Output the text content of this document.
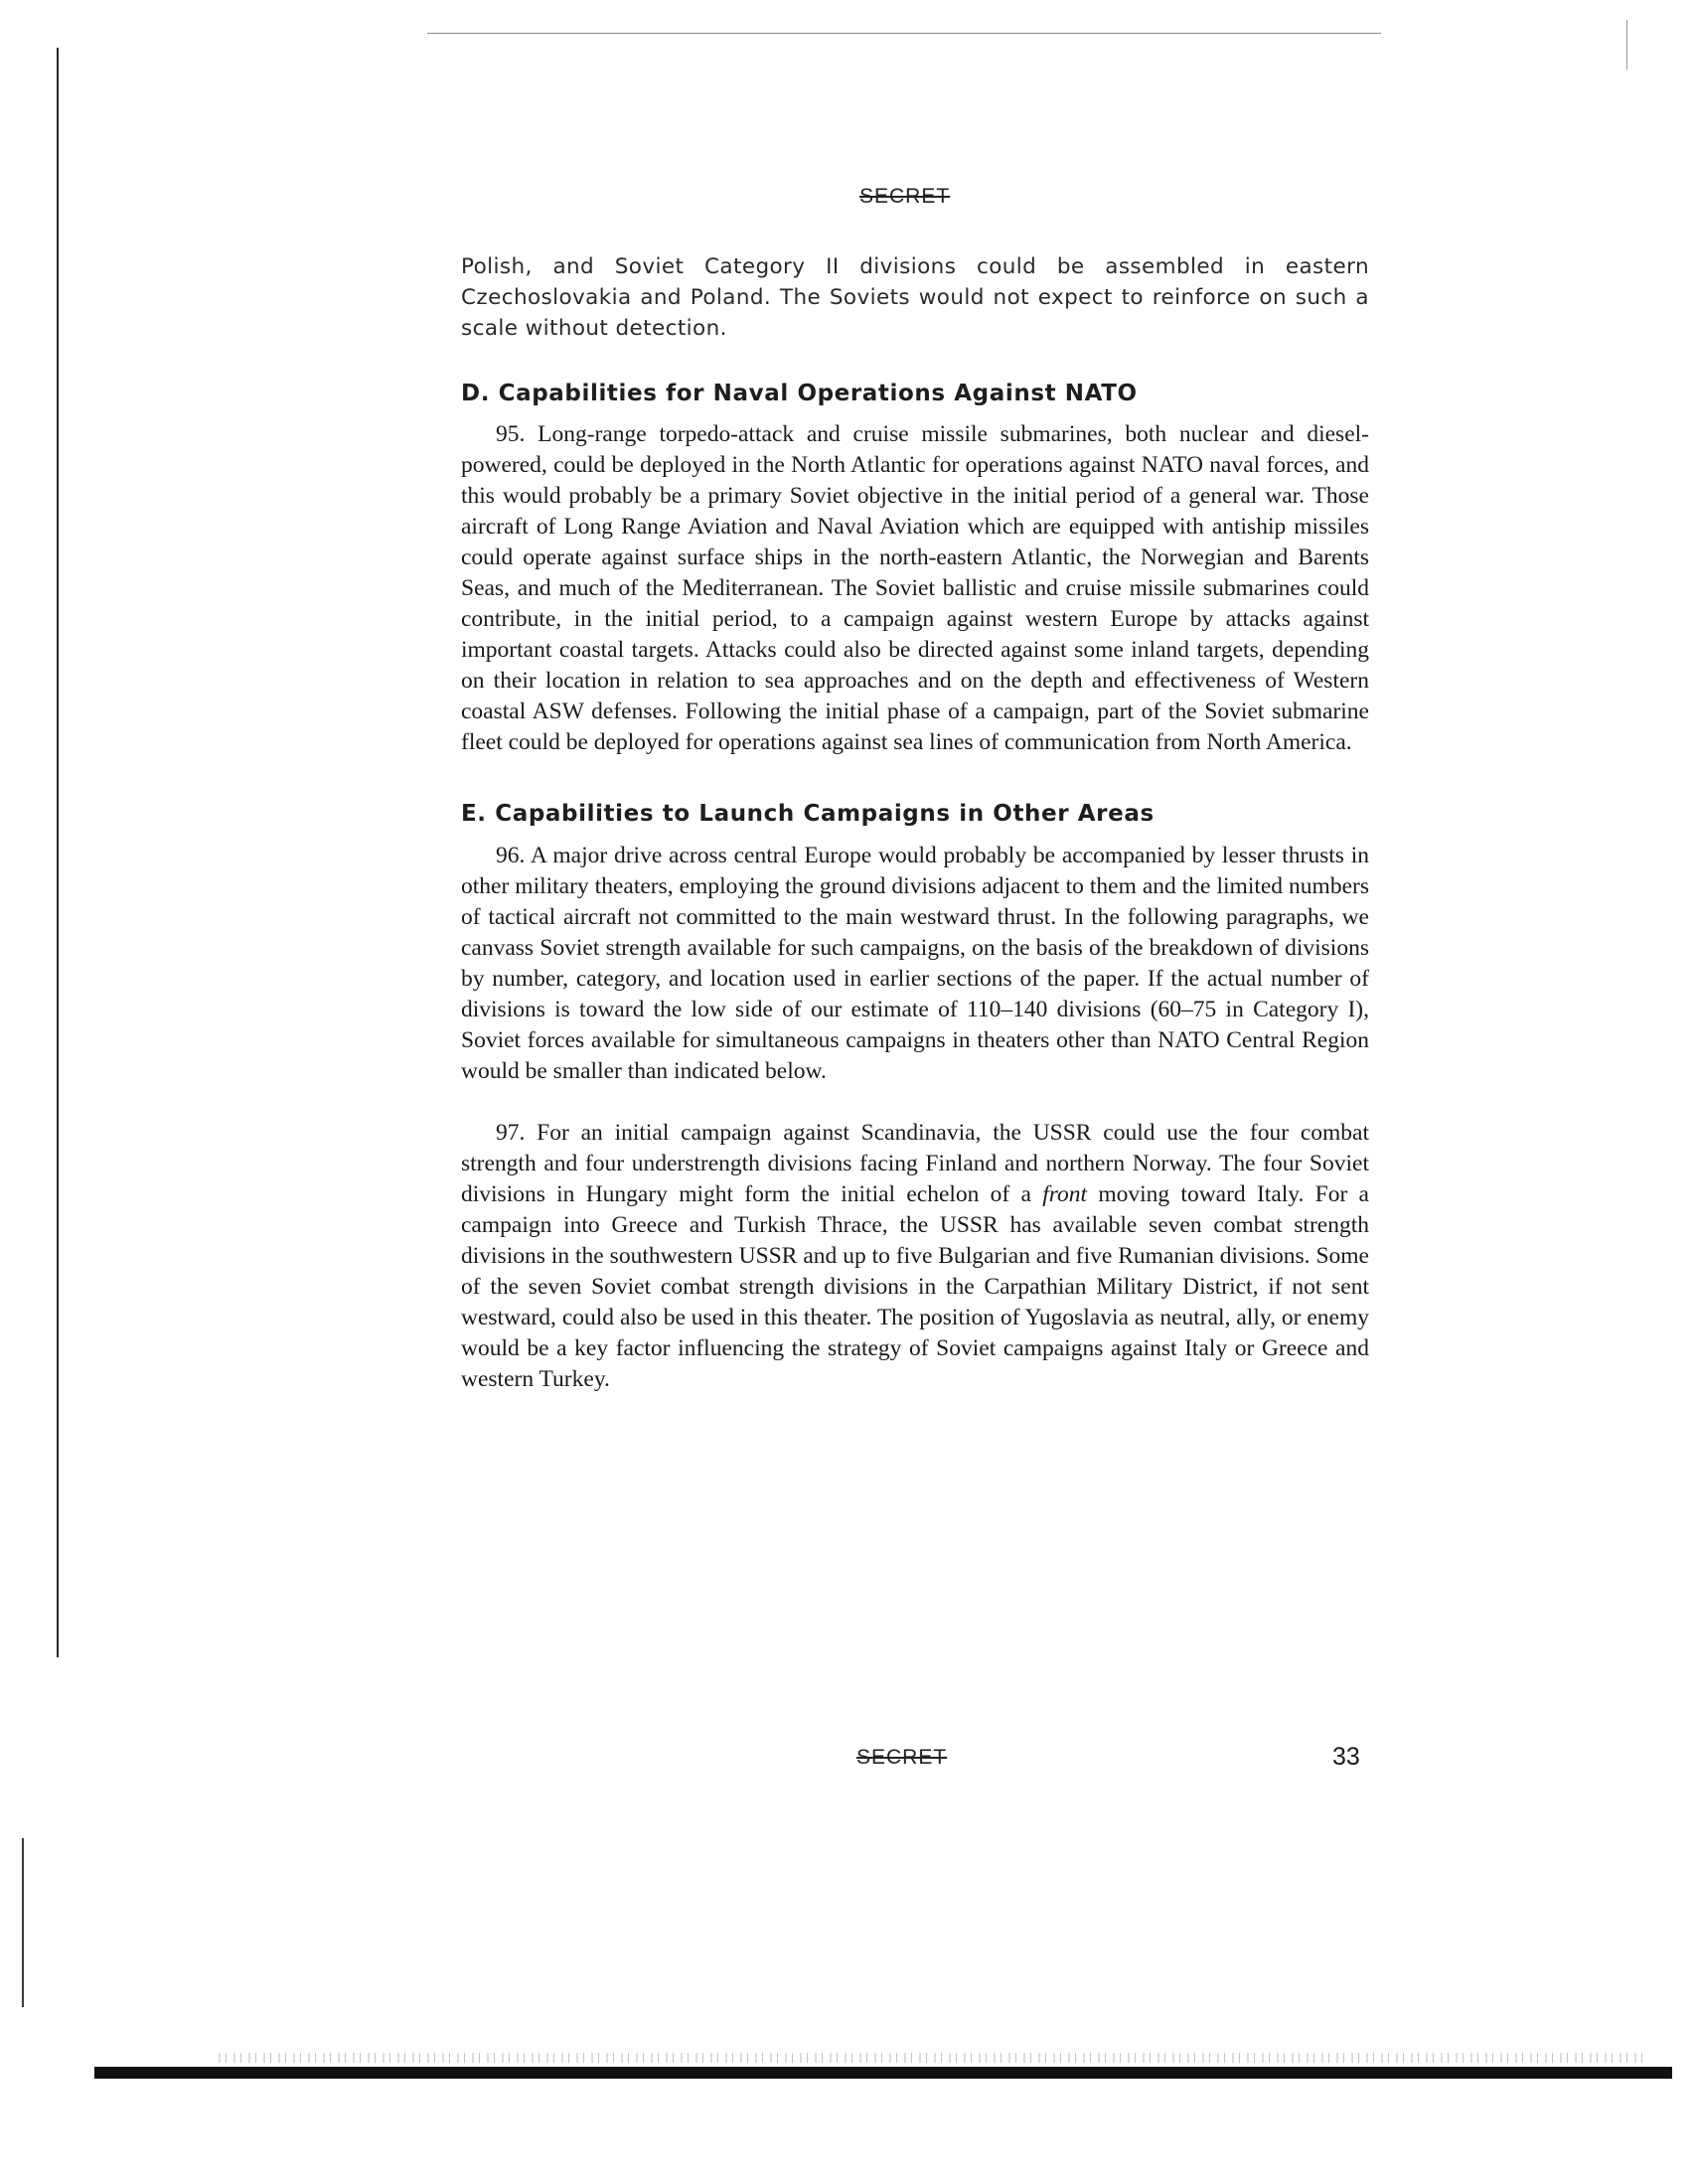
SECRET

Polish, and Soviet Category II divisions could be assembled in eastern Czechoslovakia and Poland. The Soviets would not expect to reinforce on such a scale without detection.

D. Capabilities for Naval Operations Against NATO

95. Long-range torpedo-attack and cruise missile submarines, both nuclear and diesel-powered, could be deployed in the North Atlantic for operations against NATO naval forces, and this would probably be a primary Soviet objective in the initial period of a general war. Those aircraft of Long Range Aviation and Naval Aviation which are equipped with antiship missiles could operate against surface ships in the north-eastern Atlantic, the Norwegian and Barents Seas, and much of the Mediterranean. The Soviet ballistic and cruise missile submarines could contribute, in the initial period, to a campaign against western Europe by attacks against important coastal targets. Attacks could also be directed against some inland targets, depending on their location in relation to sea approaches and on the depth and effectiveness of Western coastal ASW defenses. Following the initial phase of a campaign, part of the Soviet submarine fleet could be deployed for operations against sea lines of communication from North America.

E. Capabilities to Launch Campaigns in Other Areas

96. A major drive across central Europe would probably be accompanied by lesser thrusts in other military theaters, employing the ground divisions adjacent to them and the limited numbers of tactical aircraft not committed to the main westward thrust. In the following paragraphs, we canvass Soviet strength available for such campaigns, on the basis of the breakdown of divisions by number, category, and location used in earlier sections of the paper. If the actual number of divisions is toward the low side of our estimate of 110–140 divisions (60–75 in Category I), Soviet forces available for simultaneous campaigns in theaters other than NATO Central Region would be smaller than indicated below.

97. For an initial campaign against Scandinavia, the USSR could use the four combat strength and four understrength divisions facing Finland and northern Norway. The four Soviet divisions in Hungary might form the initial echelon of a front moving toward Italy. For a campaign into Greece and Turkish Thrace, the USSR has available seven combat strength divisions in the southwestern USSR and up to five Bulgarian and five Rumanian divisions. Some of the seven Soviet combat strength divisions in the Carpathian Military District, if not sent westward, could also be used in this theater. The position of Yugoslavia as neutral, ally, or enemy would be a key factor influencing the strategy of Soviet campaigns against Italy or Greece and western Turkey.

SECRET	33
